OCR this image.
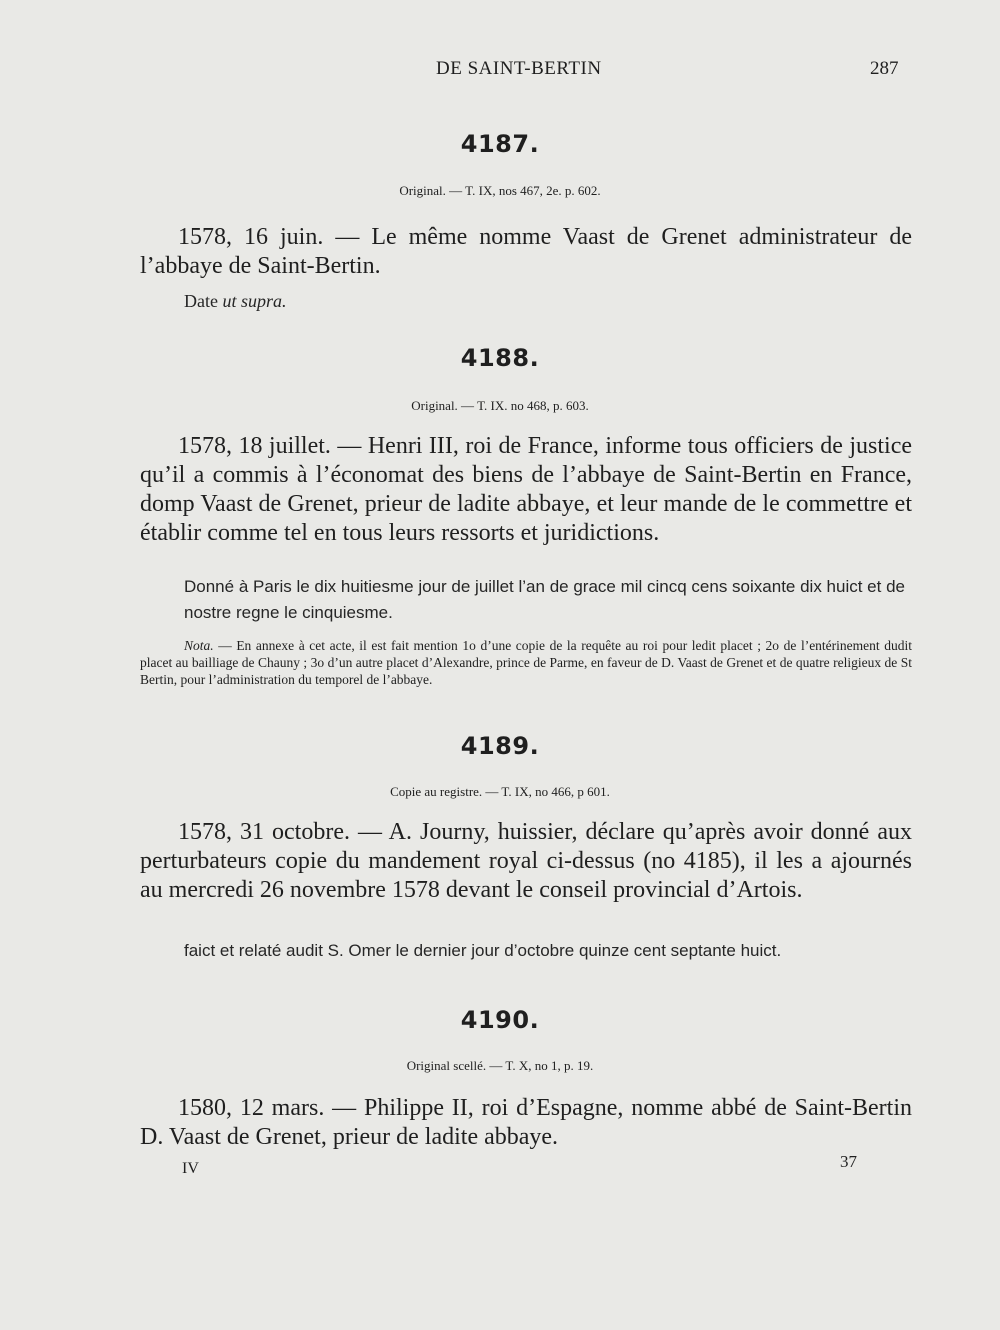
DE SAINT-BERTIN	287
4187.
Original. — T. IX, nos 467, 2e. p. 602.
1578, 16 juin. — Le même nomme Vaast de Grenet administrateur de l’abbaye de Saint-Bertin.
Date ut supra.
4188.
Original. — T. IX. no 468, p. 603.
1578, 18 juillet. — Henri III, roi de France, informe tous officiers de justice qu’il a commis à l’économat des biens de l’abbaye de Saint-Bertin en France, domp Vaast de Grenet, prieur de ladite abbaye, et leur mande de le commettre et établir comme tel en tous leurs ressorts et juridictions.
Donné à Paris le dix huitiesme jour de juillet l’an de grace mil cincq cens soixante dix huict et de nostre regne le cinquiesme.
Nota. — En annexe à cet acte, il est fait mention 1o d’une copie de la requête au roi pour ledit placet ; 2o de l’entérinement dudit placet au bailliage de Chauny ; 3o d’un autre placet d’Alexandre, prince de Parme, en faveur de D. Vaast de Grenet et de quatre religieux de St Bertin, pour l’administration du temporel de l’abbaye.
4189.
Copie au registre. — T. IX, no 466, p 601.
1578, 31 octobre. — A. Journy, huissier, déclare qu’après avoir donné aux perturbateurs copie du mandement royal ci-dessus (no 4185), il les a ajournés au mercredi 26 novembre 1578 devant le conseil provincial d’Artois.
faict et relaté audit S. Omer le dernier jour d’octobre quinze cent septante huict.
4190.
Original scellé. — T. X, no 1, p. 19.
1580, 12 mars. — Philippe II, roi d’Espagne, nomme abbé de Saint-Bertin D. Vaast de Grenet, prieur de ladite abbaye.
IV	37
